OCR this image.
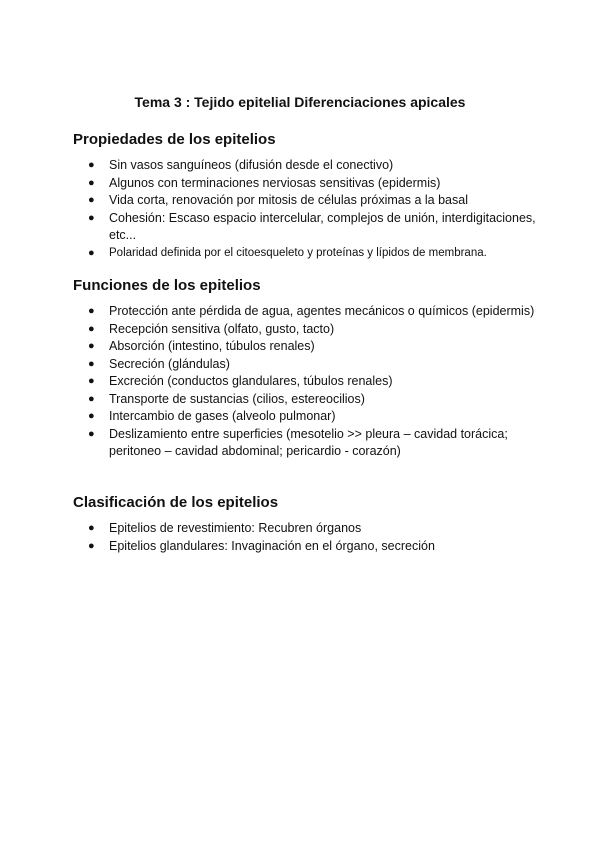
Tema 3 : Tejido epitelial Diferenciaciones apicales
Propiedades de los epitelios
● Sin vasos sanguíneos (difusión desde el conectivo)
● Algunos con terminaciones nerviosas sensitivas (epidermis)
● Vida corta, renovación por mitosis de células próximas a la basal
● Cohesión: Escaso espacio intercelular, complejos de unión, interdigitaciones, etc...
● Polaridad definida por el citoesqueleto y proteínas y lípidos de membrana.
Funciones de los epitelios
● Protección ante pérdida de agua, agentes mecánicos o químicos (epidermis)
● Recepción sensitiva (olfato, gusto, tacto)
● Absorción (intestino, túbulos renales)
● Secreción (glándulas)
● Excreción (conductos glandulares, túbulos renales)
● Transporte de sustancias (cilios, estereocilios)
● Intercambio de gases (alveolo pulmonar)
● Deslizamiento entre superficies (mesotelio >> pleura – cavidad torácica; peritoneo – cavidad abdominal; pericardio - corazón)
Clasificación de los epitelios
● Epitelios de revestimiento: Recubren órganos
● Epitelios glandulares: Invaginación en el órgano, secreción
